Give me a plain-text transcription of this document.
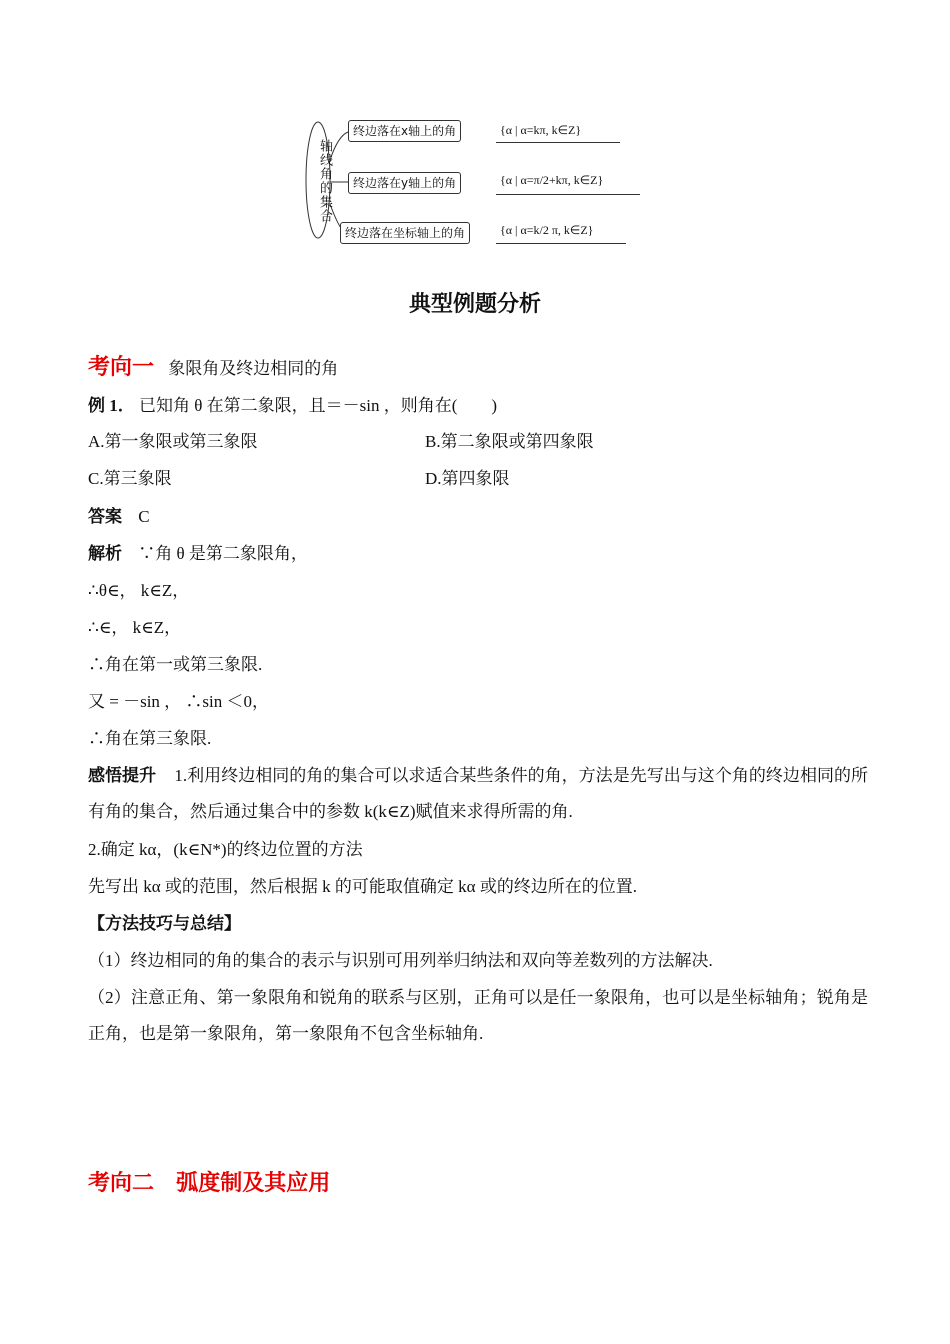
轴线角的集合
终边落在x轴上的角	{α | α=kπ, k∈Z}
终边落在y轴上的角	{α | α=π/2+kπ, k∈Z}
终边落在坐标轴上的角	{α | α=k/2 π, k∈Z}
典型例题分析
考向一 象限角及终边相同的角
例 1． 已知角 θ 在第二象限，且＝－sin ，则角在(　　)
A.第一象限或第三象限	B.第二象限或第四象限
C.第三象限	D.第四象限
答案 C
解析 ∵角 θ 是第二象限角，
∴θ∈， k∈Z，
∴∈， k∈Z，
∴角在第一或第三象限.
又 = －sin ， ∴sin ＜0，
∴角在第三象限.
感悟提升 1.利用终边相同的角的集合可以求适合某些条件的角，方法是先写出与这个角的终边相同的所有角的集合，然后通过集合中的参数 k(k∈Z)赋值来求得所需的角.
2.确定 kα，(k∈N*)的终边位置的方法
先写出 kα 或的范围，然后根据 k 的可能取值确定 kα 或的终边所在的位置.
【方法技巧与总结】
（1）终边相同的角的集合的表示与识别可用列举归纳法和双向等差数列的方法解决.
（2）注意正角、第一象限角和锐角的联系与区别，正角可以是任一象限角，也可以是坐标轴角；锐角是正角，也是第一象限角，第一象限角不包含坐标轴角.
考向二 弧度制及其应用
